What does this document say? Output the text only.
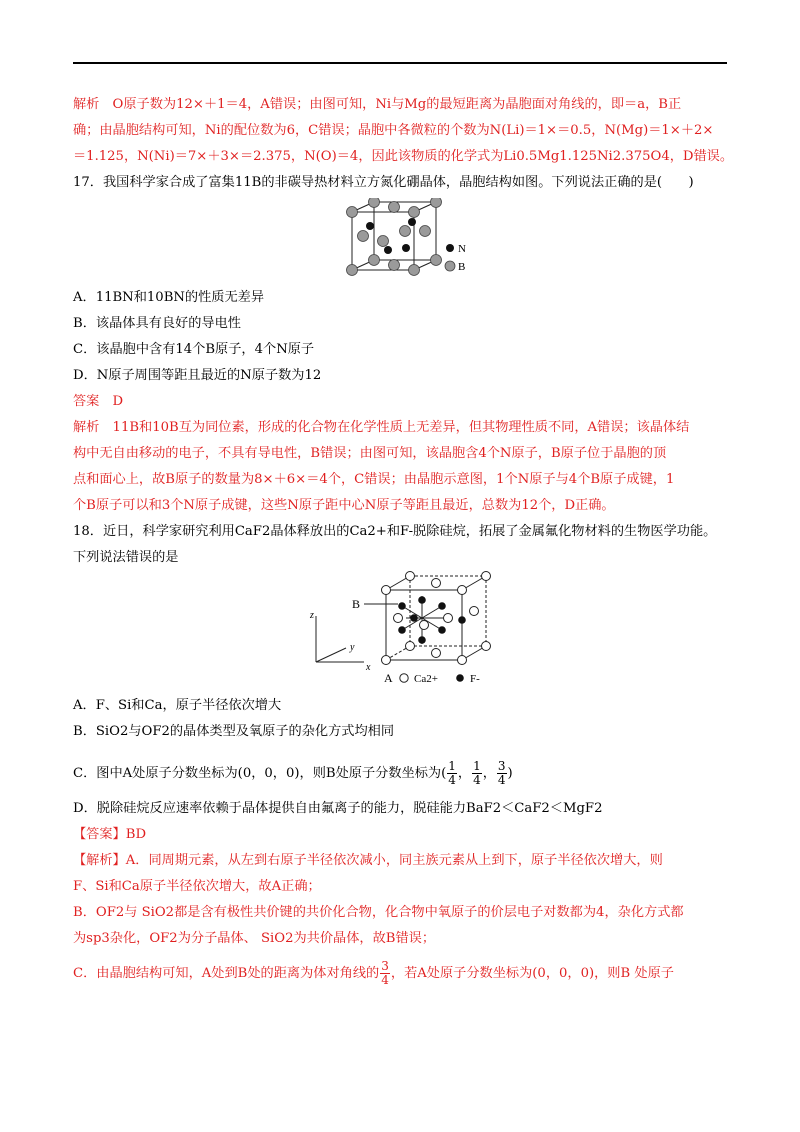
解析　O原子数为12×＋1＝4，A错误；由图可知，Ni与Mg的最短距离为晶胞面对角线的，即＝a，B正
确；由晶胞结构可知，Ni的配位数为6，C错误；晶胞中各微粒的个数为N(Li)＝1×＝0.5，N(Mg)＝1×＋2×
＝1.125，N(Ni)＝7×＋3×＝2.375，N(O)＝4，因此该物质的化学式为Li0.5Mg1.125Ni2.375O4，D错误。
17．我国科学家合成了富集11B的非碳导热材料立方氮化硼晶体，晶胞结构如图。下列说法正确的是(　　)
N
B
A．11BN和10BN的性质无差异
B．该晶体具有良好的导电性
C．该晶胞中含有14个B原子，4个N原子
D．N原子周围等距且最近的N原子数为12
答案　D
解析　11B和10B互为同位素，形成的化合物在化学性质上无差异，但其物理性质不同，A错误；该晶体结
构中无自由移动的电子，不具有导电性，B错误；由图可知，该晶胞含4个N原子，B原子位于晶胞的顶
点和面心上，故B原子的数量为8×＋6×＝4个，C错误；由晶胞示意图，1个N原子与4个B原子成键，1
个B原子可以和3个N原子成键，这些N原子距中心N原子等距且最近，总数为12个，D正确。
18．近日，科学家研究利用CaF2晶体释放出的Ca2+和F-脱除硅烷，拓展了金属氟化物材料的生物医学功能。
下列说法错误的是
z
y
x
B
A Ca2+	F-
A．F、Si和Ca，原子半径依次增大
B．SiO2与OF2的晶体类型及氧原子的杂化方式均相同
C．图中A处原子分数坐标为(0，0，0)，则B处原子分数坐标为( $\frac{1}{4}$ ， $\frac{1}{4}$ ， $\frac{3}{4}$ )
D．脱除硅烷反应速率依赖于晶体提供自由氟离子的能力，脱硅能力BaF2＜CaF2＜MgF2
【答案】BD
【解析】A．同周期元素，从左到右原子半径依次减小，同主族元素从上到下，原子半径依次增大，则
F、Si和Ca原子半径依次增大，故A正确；
B．OF2与 SiO2都是含有极性共价键的共价化合物，化合物中氧原子的价层电子对数都为4，杂化方式都
为sp3杂化，OF2为分子晶体、 SiO2为共价晶体，故B错误；
C．由晶胞结构可知，A处到B处的距离为体对角线的 $\frac{3}{4}$ ，若A处原子分数坐标为(0，0，0)，则B 处原子
